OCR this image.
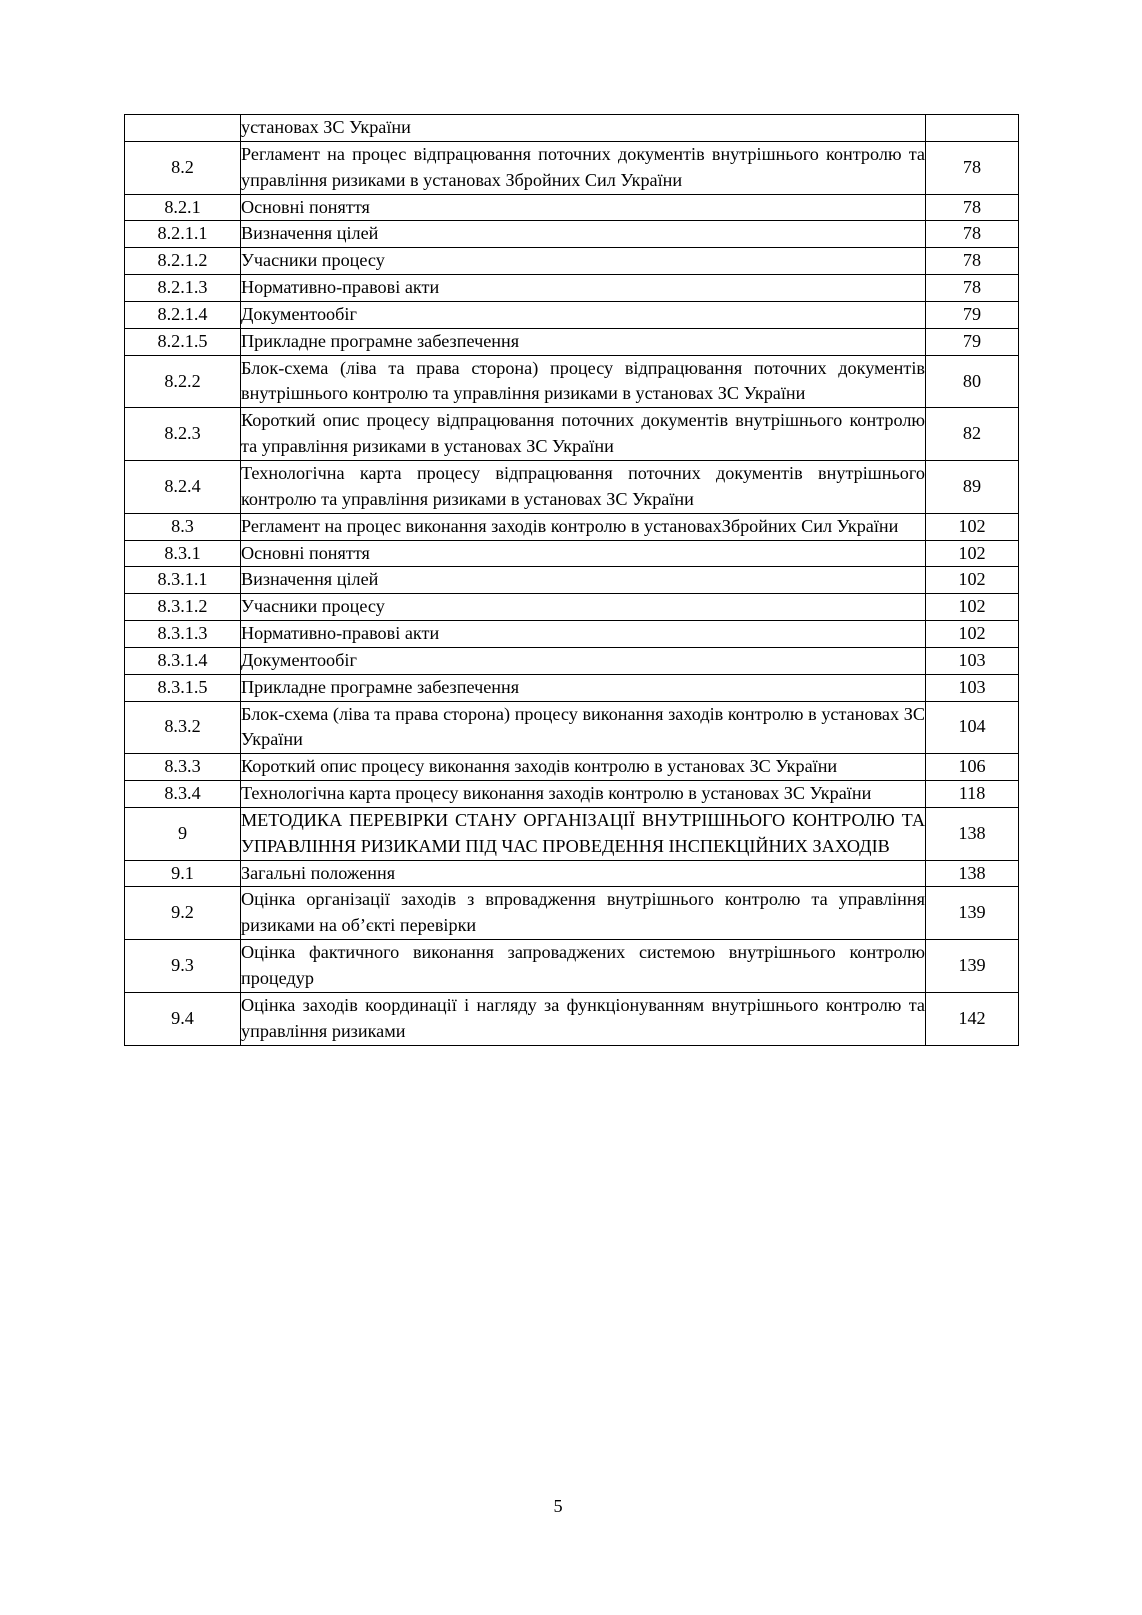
	установах ЗС України	
8.2	Регламент на процес відпрацювання поточних документів внутрішнього контролю та управління ризиками в установах Збройних Сил України	78
8.2.1	Основні поняття	78
8.2.1.1	Визначення цілей	78
8.2.1.2	Учасники процесу	78
8.2.1.3	Нормативно-правові акти	78
8.2.1.4	Документообіг	79
8.2.1.5	Прикладне програмне забезпечення	79
8.2.2	Блок-схема (ліва та права сторона) процесу відпрацювання поточних документів внутрішнього контролю та управління ризиками в установах ЗС України	80
8.2.3	Короткий опис процесу відпрацювання поточних документів внутрішнього контролю та управління ризиками в установах ЗС України	82
8.2.4	Технологічна карта процесу відпрацювання поточних документів внутрішнього контролю та управління ризиками в установах ЗС України	89
8.3	Регламент на процес виконання заходів контролю в установахЗбройних Сил України	102
8.3.1	Основні поняття	102
8.3.1.1	Визначення цілей	102
8.3.1.2	Учасники процесу	102
8.3.1.3	Нормативно-правові акти	102
8.3.1.4	Документообіг	103
8.3.1.5	Прикладне програмне забезпечення	103
8.3.2	Блок-схема (ліва та права сторона) процесу виконання заходів контролю в установах ЗС України	104
8.3.3	Короткий опис процесу виконання заходів контролю в установах ЗС України	106
8.3.4	Технологічна карта процесу виконання заходів контролю в установах ЗС України	118
9	МЕТОДИКА ПЕРЕВІРКИ СТАНУ ОРГАНІЗАЦІЇ ВНУТРІШНЬОГО КОНТРОЛЮ ТА УПРАВЛІННЯ РИЗИКАМИ ПІД ЧАС ПРОВЕДЕННЯ ІНСПЕКЦІЙНИХ ЗАХОДІВ	138
9.1	Загальні положення	138
9.2	Оцінка організації заходів з впровадження внутрішнього контролю та управління ризиками на об’єкті перевірки	139
9.3	Оцінка фактичного виконання запроваджених системою внутрішнього контролю процедур	139
9.4	Оцінка заходів координації і нагляду за функціонуванням внутрішнього контролю та управління ризиками	142
5
